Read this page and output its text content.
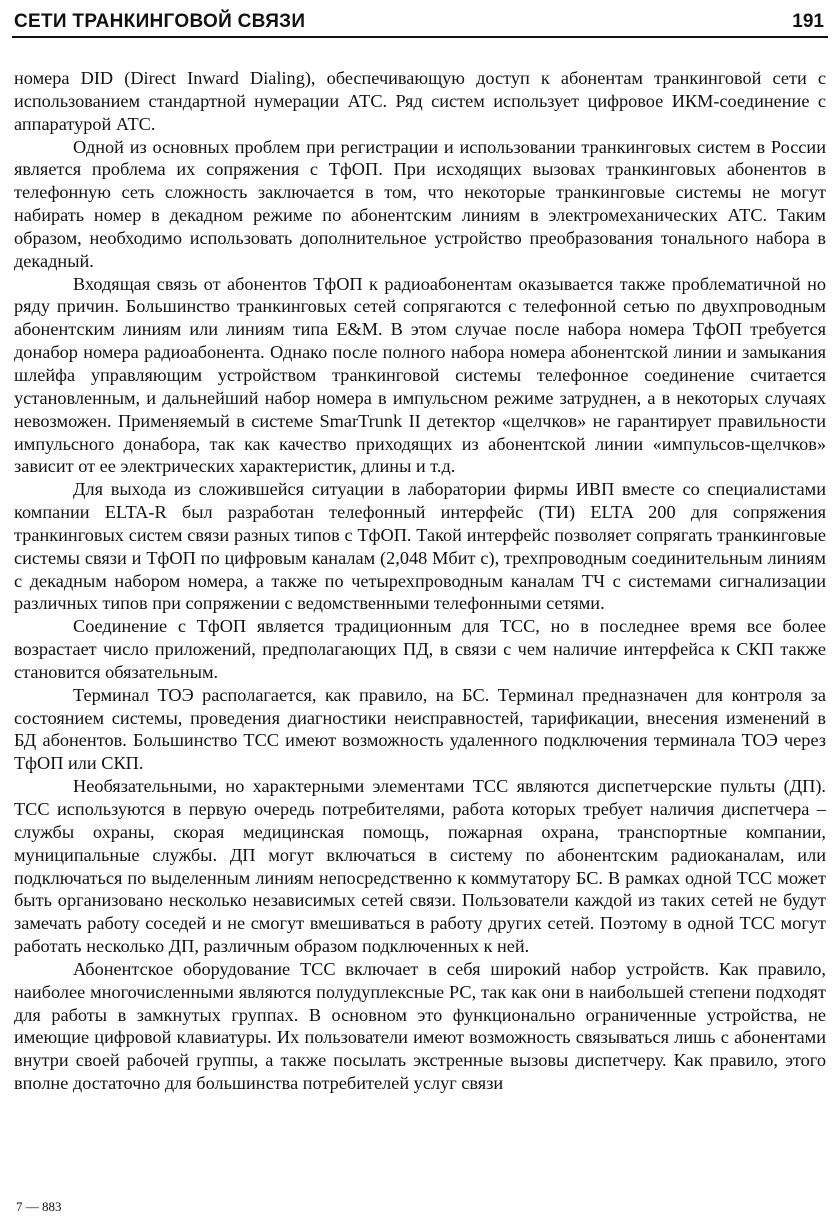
СЕТИ ТРАНКИНГОВОЙ СВЯЗИ	191

номера DID (Direct Inward Dialing), обеспечивающую доступ к абонентам транкинговой сети с использованием стандартной нумерации АТС. Ряд систем использует цифровое ИКМ-соединение с аппаратурой АТС.

Одной из основных проблем при регистрации и использовании транкинговых систем в России является проблема их сопряжения с ТфОП. При исходящих вызовах транкинговых абонентов в телефонную сеть сложность заключается в том, что некоторые транкинговые системы не могут набирать номер в декадном режиме по абонентским линиям в электромеханических АТС. Таким образом, необходимо использовать дополнительное устройство преобразования тонального набора в декадный.

Входящая связь от абонентов ТфОП к радиоабонентам оказывается также проблематичной но ряду причин. Большинство транкинговых сетей сопрягаются с телефонной сетью по двухпроводным абонентским линиям или линиям типа E&M. В этом случае после набора номера ТфОП требуется донабор номера радиоабонента. Однако после полного набора номера абонентской линии и замыкания шлейфа управляющим устройством транкинговой системы телефонное соединение считается установленным, и дальнейший набор номера в импульсном режиме затруднен, а в некоторых случаях невозможен. Применяемый в системе SmarTrunk II детектор «щелчков» не гарантирует правильности импульсного донабора, так как качество приходящих из абонентской линии «импульсов-щелчков» зависит от ее электрических характеристик, длины и т.д.

Для выхода из сложившейся ситуации в лаборатории фирмы ИВП вместе со специалистами компании ELTA-R был разработан телефонный интерфейс (ТИ) ELTA 200 для сопряжения транкинговых систем связи разных типов с ТфОП. Такой интерфейс позволяет сопрягать транкинговые системы связи и ТфОП по цифровым каналам (2,048 Мбит с), трехпроводным соединительным линиям с декадным набором номера, а также по четырехпроводным каналам ТЧ с системами сигнализации различных типов при сопряжении с ведомственными телефонными сетями.

Соединение с ТфОП является традиционным для ТСС, но в последнее время все более возрастает число приложений, предполагающих ПД, в связи с чем наличие интерфейса к СКП также становится обязательным.

Терминал ТОЭ располагается, как правило, на БС. Терминал предназначен для контроля за состоянием системы, проведения диагностики неисправностей, тарификации, внесения изменений в БД абонентов. Большинство ТСС имеют возможность удаленного подключения терминала ТОЭ через ТфОП или СКП.

Необязательными, но характерными элементами ТСС являются диспетчерские пульты (ДП). ТСС используются в первую очередь потребителями, работа которых требует наличия диспетчера – службы охраны, скорая медицинская помощь, пожарная охрана, транспортные компании, муниципальные службы. ДП могут включаться в систему по абонентским радиоканалам, или подключаться по выделенным линиям непосредственно к коммутатору БС. В рамках одной ТСС может быть организовано несколько независимых сетей связи. Пользователи каждой из таких сетей не будут замечать работу соседей и не смогут вмешиваться в работу других сетей. Поэтому в одной ТСС могут работать несколько ДП, различным образом подключенных к ней.

Абонентское оборудование ТСС включает в себя широкий набор устройств. Как правило, наиболее многочисленными являются полудуплексные РС, так как они в наибольшей степени подходят для работы в замкнутых группах. В основном это функционально ограниченные устройства, не имеющие цифровой клавиатуры. Их пользователи имеют возможность связываться лишь с абонентами внутри своей рабочей группы, а также посылать экстренные вызовы диспетчеру. Как правило, этого вполне достаточно для большинства потребителей услуг связи

7 — 883
